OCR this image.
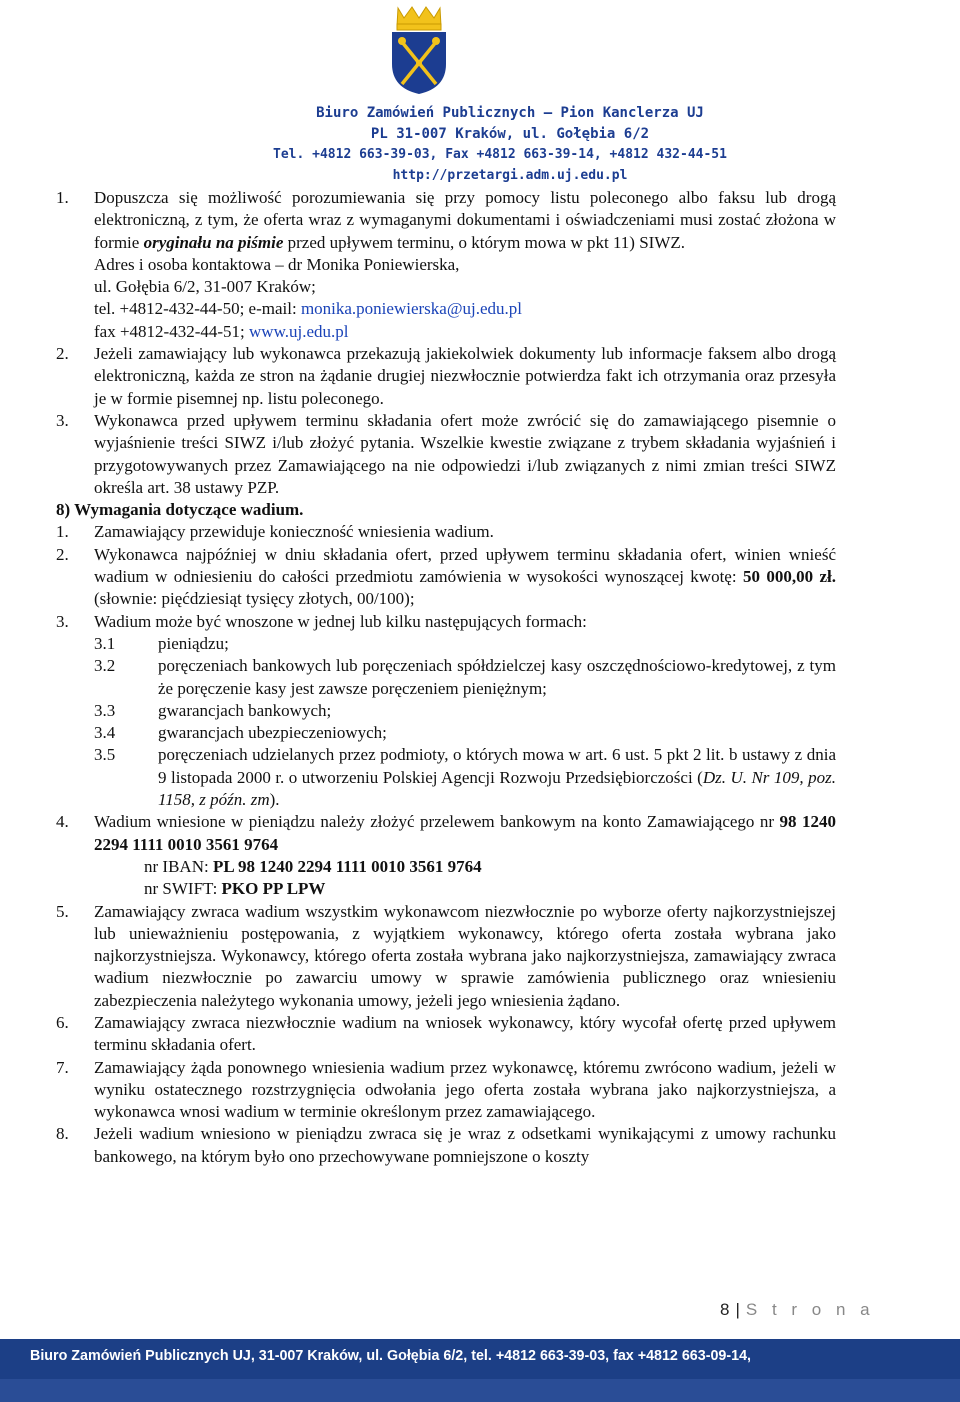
Biuro Zamówień Publicznych – Pion Kanclerza UJ
PL 31-007 Kraków, ul. Gołębia 6/2
Tel. +4812 663-39-03, Fax +4812 663-39-14, +4812 432-44-51
http://przetargi.adm.uj.edu.pl
1.	Dopuszcza się możliwość porozumiewania się przy pomocy listu poleconego albo faksu lub drogą elektroniczną, z tym, że oferta wraz z wymaganymi dokumentami i oświadczeniami musi zostać złożona w formie oryginału na piśmie przed upływem terminu, o którym mowa w pkt 11) SIWZ.
Adres i osoba kontaktowa – dr Monika Poniewierska,
ul. Gołębia 6/2, 31-007 Kraków;
tel. +4812-432-44-50; e-mail: monika.poniewierska@uj.edu.pl
fax +4812-432-44-51; www.uj.edu.pl
2.	Jeżeli zamawiający lub wykonawca przekazują jakiekolwiek dokumenty lub informacje faksem albo drogą elektroniczną, każda ze stron na żądanie drugiej niezwłocznie potwierdza fakt ich otrzymania oraz przesyła je w formie pisemnej np. listu poleconego.
3.	Wykonawca przed upływem terminu składania ofert może zwrócić się do zamawiającego pisemnie o wyjaśnienie treści SIWZ i/lub złożyć pytania. Wszelkie kwestie związane z trybem składania wyjaśnień i przygotowywanych przez Zamawiającego na nie odpowiedzi i/lub związanych z nimi zmian treści SIWZ określa art. 38 ustawy PZP.
8) Wymagania dotyczące wadium.
1.	Zamawiający przewiduje konieczność wniesienia wadium.
2.	Wykonawca najpóźniej w dniu składania ofert, przed upływem terminu składania ofert, winien wnieść wadium w odniesieniu do całości przedmiotu zamówienia w wysokości wynoszącej kwotę: 50 000,00 zł. (słownie: pięćdziesiąt tysięcy złotych, 00/100);
3.	Wadium może być wnoszone w jednej lub kilku następujących formach:
3.1	pieniądzu;
3.2	poręczeniach bankowych lub poręczeniach spółdzielczej kasy oszczędnościowo-kredytowej, z tym że poręczenie kasy jest zawsze poręczeniem pieniężnym;
3.3	gwarancjach bankowych;
3.4	gwarancjach ubezpieczeniowych;
3.5	poręczeniach udzielanych przez podmioty, o których mowa w art. 6 ust. 5 pkt 2 lit. b ustawy z dnia 9 listopada 2000 r. o utworzeniu Polskiej Agencji Rozwoju Przedsiębiorczości (Dz. U. Nr 109, poz. 1158, z późn. zm).
4.	Wadium wniesione w pieniądzu należy złożyć przelewem bankowym na konto Zamawiającego nr 98 1240 2294 1111 0010 3561 9764
nr IBAN: PL 98 1240 2294 1111 0010 3561 9764
nr SWIFT: PKO PP LPW
5.	Zamawiający zwraca wadium wszystkim wykonawcom niezwłocznie po wyborze oferty najkorzystniejszej lub unieważnieniu postępowania, z wyjątkiem wykonawcy, którego oferta została wybrana jako najkorzystniejsza. Wykonawcy, którego oferta została wybrana jako najkorzystniejsza, zamawiający zwraca wadium niezwłocznie po zawarciu umowy w sprawie zamówienia publicznego oraz wniesieniu zabezpieczenia należytego wykonania umowy, jeżeli jego wniesienia żądano.
6.	Zamawiający zwraca niezwłocznie wadium na wniosek wykonawcy, który wycofał ofertę przed upływem terminu składania ofert.
7.	Zamawiający żąda ponownego wniesienia wadium przez wykonawcę, któremu zwrócono wadium, jeżeli w wyniku ostatecznego rozstrzygnięcia odwołania jego oferta została wybrana jako najkorzystniejsza, a wykonawca wnosi wadium w terminie określonym przez zamawiającego.
8.	Jeżeli wadium wniesiono w pieniądzu zwraca się je wraz z odsetkami wynikającymi z umowy rachunku bankowego, na którym było ono przechowywane pomniejszone o koszty
8 | S t r o n a
Biuro Zamówień Publicznych UJ, 31-007 Kraków, ul. Gołębia 6/2, tel. +4812 663-39-03, fax +4812 663-09-14,
